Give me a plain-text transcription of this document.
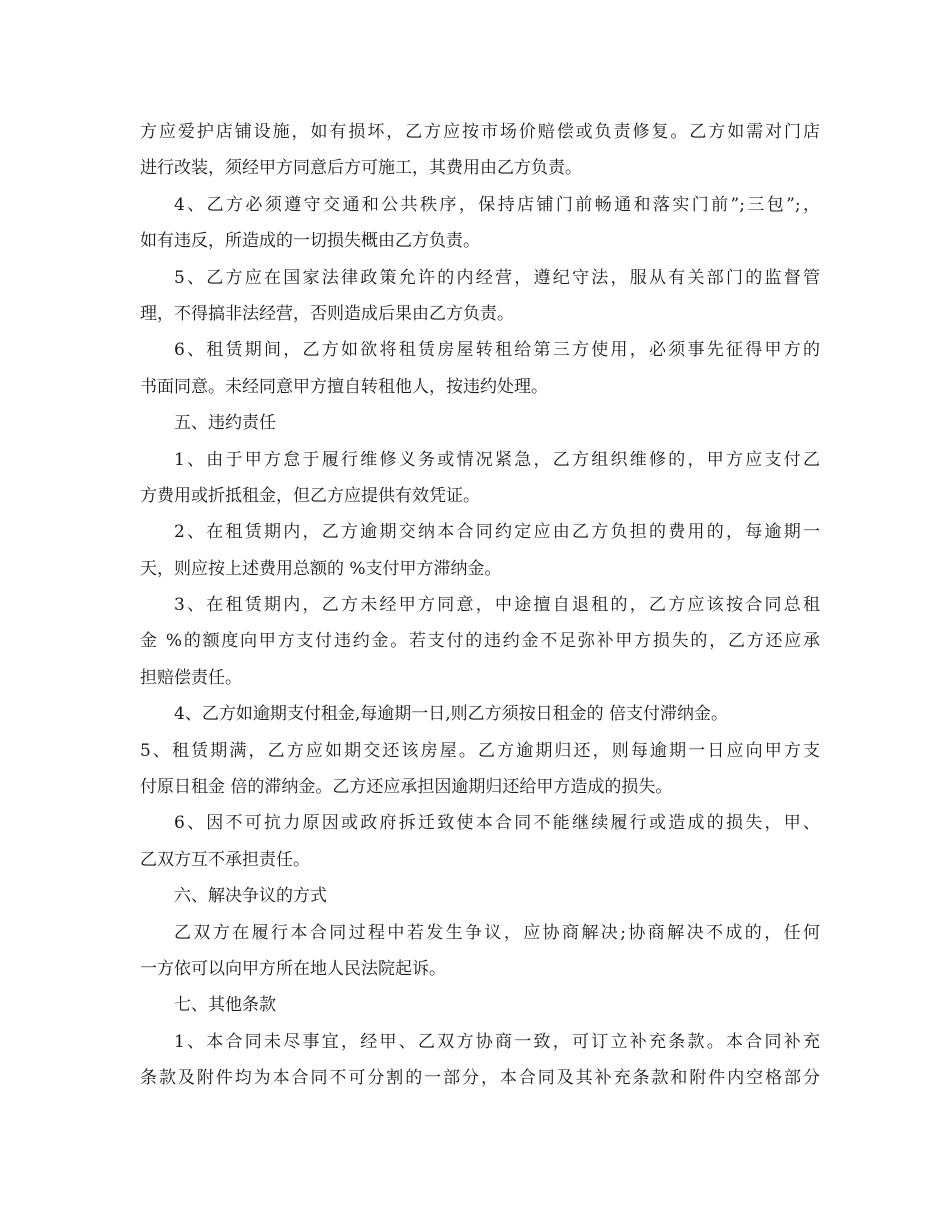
方应爱护店铺设施，如有损坏，乙方应按市场价赔偿或负责修复。乙方如需对门店
进行改装，须经甲方同意后方可施工，其费用由乙方负责。
4、乙方必须遵守交通和公共秩序，保持店铺门前畅通和落实门前”;三包”;，
如有违反，所造成的一切损失概由乙方负责。
5、乙方应在国家法律政策允许的内经营，遵纪守法，服从有关部门的监督管
理，不得搞非法经营，否则造成后果由乙方负责。
6、租赁期间，乙方如欲将租赁房屋转租给第三方使用，必须事先征得甲方的
书面同意。未经同意甲方擅自转租他人，按违约处理。
五、违约责任
1、由于甲方怠于履行维修义务或情况紧急，乙方组织维修的，甲方应支付乙
方费用或折抵租金，但乙方应提供有效凭证。
2、在租赁期内，乙方逾期交纳本合同约定应由乙方负担的费用的，每逾期一
天，则应按上述费用总额的 %支付甲方滞纳金。
3、在租赁期内，乙方未经甲方同意，中途擅自退租的，乙方应该按合同总租
金 %的额度向甲方支付违约金。若支付的违约金不足弥补甲方损失的，乙方还应承
担赔偿责任。
4、乙方如逾期支付租金,每逾期一日,则乙方须按日租金的 倍支付滞纳金。
5、租赁期满，乙方应如期交还该房屋。乙方逾期归还，则每逾期一日应向甲方支
付原日租金 倍的滞纳金。乙方还应承担因逾期归还给甲方造成的损失。
6、因不可抗力原因或政府拆迁致使本合同不能继续履行或造成的损失，甲、
乙双方互不承担责任。
六、解决争议的方式
乙双方在履行本合同过程中若发生争议，应协商解决;协商解决不成的，任何
一方依可以向甲方所在地人民法院起诉。
七、其他条款
1、本合同未尽事宜，经甲、乙双方协商一致，可订立补充条款。本合同补充
条款及附件均为本合同不可分割的一部分，本合同及其补充条款和附件内空格部分
